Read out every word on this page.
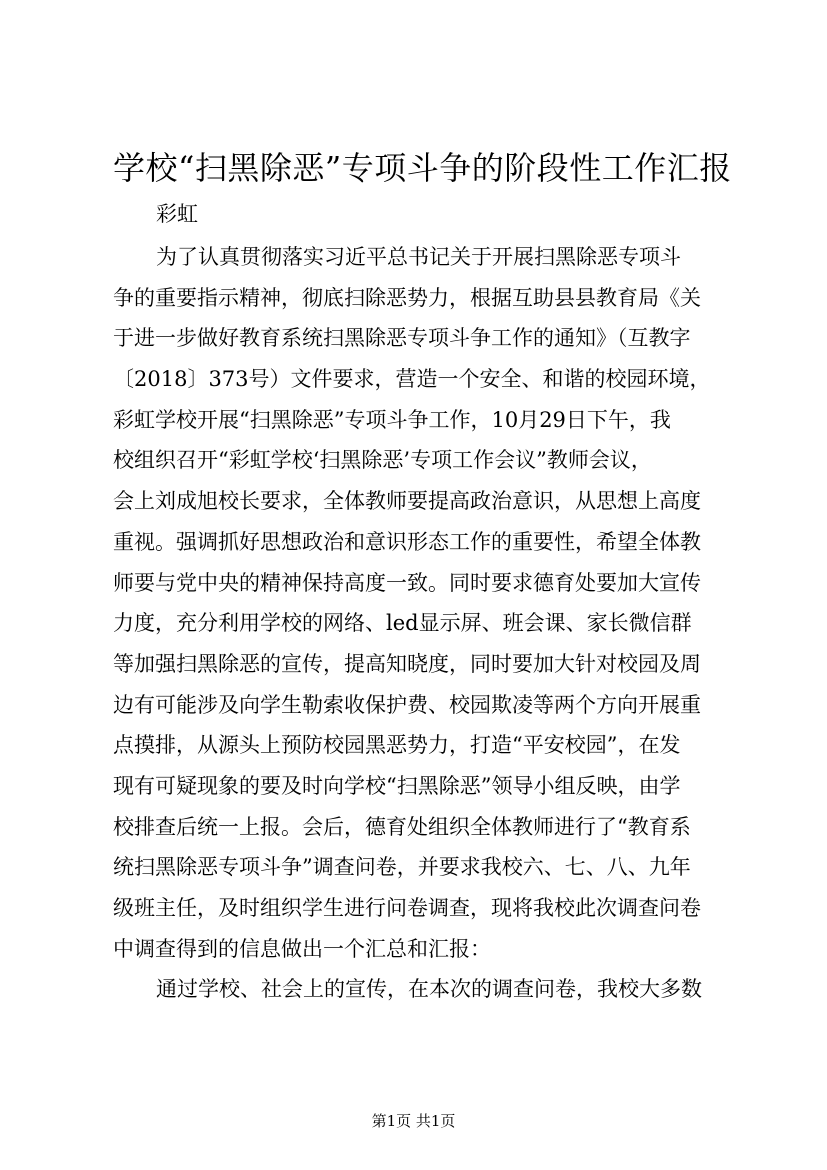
学校“扫黑除恶”专项斗争的阶段性工作汇报
彩虹
为了认真贯彻落实习近平总书记关于开展扫黑除恶专项斗
争的重要指示精神，彻底扫除恶势力，根据互助县县教育局《关
于进一步做好教育系统扫黑除恶专项斗争工作的通知》（互教字
〔2018〕373号）文件要求，营造一个安全、和谐的校园环境，
彩虹学校开展“扫黑除恶”专项斗争工作，10月29日下午，我
校组织召开“彩虹学校‘扫黑除恶’专项工作会议”教师会议，
会上刘成旭校长要求，全体教师要提高政治意识，从思想上高度
重视。强调抓好思想政治和意识形态工作的重要性，希望全体教
师要与党中央的精神保持高度一致。同时要求德育处要加大宣传
力度，充分利用学校的网络、led显示屏、班会课、家长微信群
等加强扫黑除恶的宣传，提高知晓度，同时要加大针对校园及周
边有可能涉及向学生勒索收保护费、校园欺凌等两个方向开展重
点摸排，从源头上预防校园黑恶势力，打造“平安校园”，在发
现有可疑现象的要及时向学校“扫黑除恶”领导小组反映，由学
校排查后统一上报。会后，德育处组织全体教师进行了“教育系
统扫黑除恶专项斗争”调查问卷，并要求我校六、七、八、九年
级班主任，及时组织学生进行问卷调查，现将我校此次调查问卷
中调查得到的信息做出一个汇总和汇报：
通过学校、社会上的宣传，在本次的调查问卷，我校大多数
第1页 共1页
